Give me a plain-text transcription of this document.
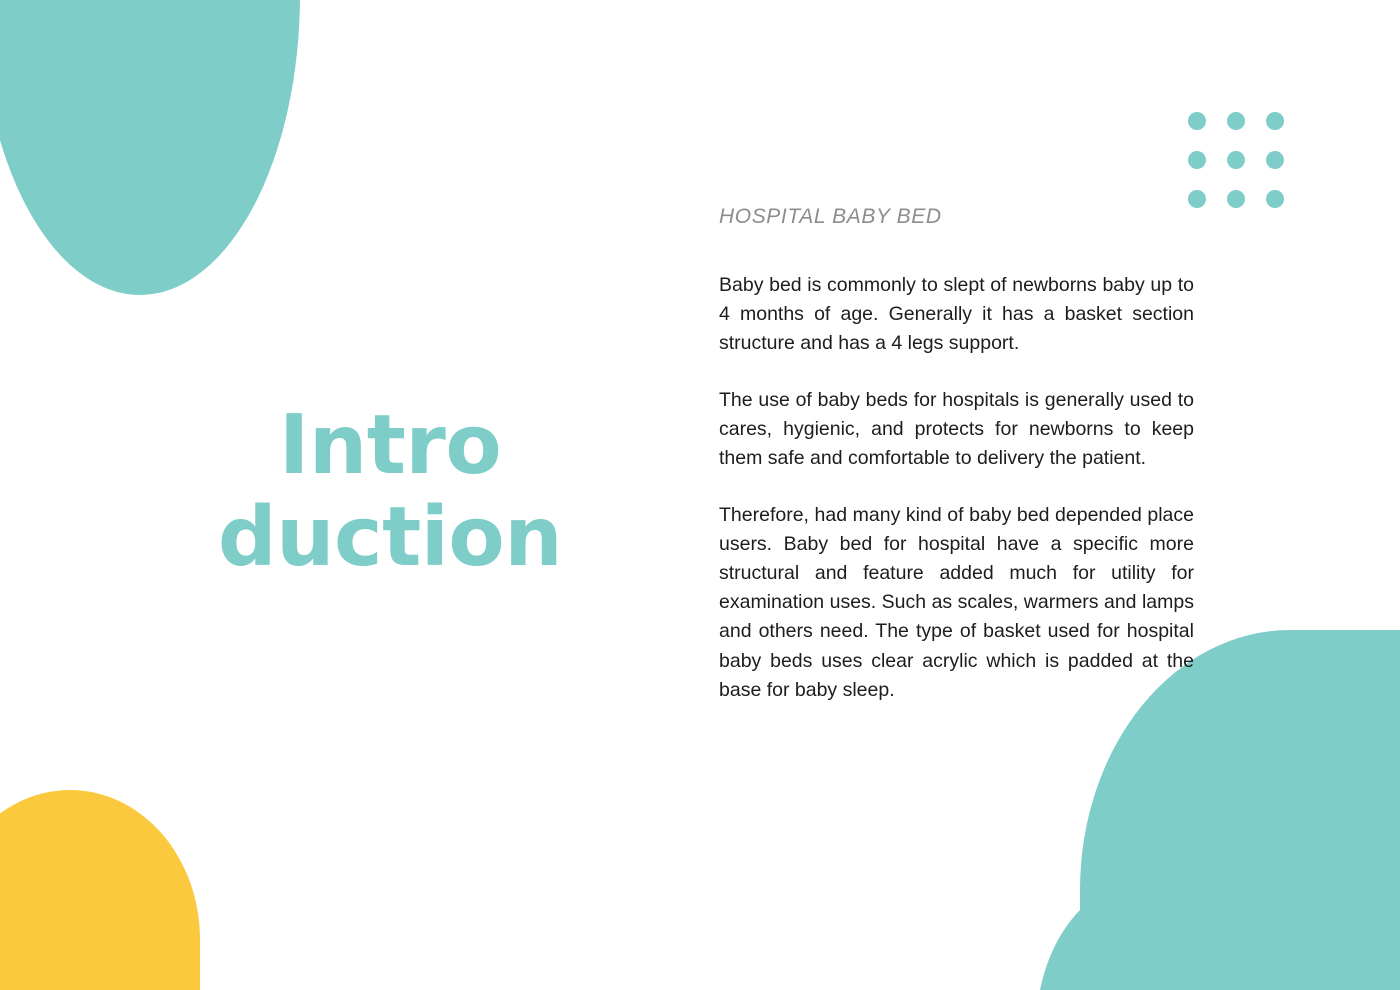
Intro
duction

HOSPITAL BABY BED

Baby bed is commonly to slept of newborns baby up to 4 months of age. Generally it has a basket section structure and has a 4 legs support.

The use of baby beds for hospitals is generally used to cares, hygienic, and protects for newborns to keep them safe and comfortable to delivery the patient.

Therefore, had many kind of baby bed depended place users. Baby bed for hospital have a specific more structural and feature added much for utility for examination uses. Such as scales, warmers and lamps and others need. The type of basket used for hospital baby beds uses clear acrylic which is padded at the base for baby sleep.
